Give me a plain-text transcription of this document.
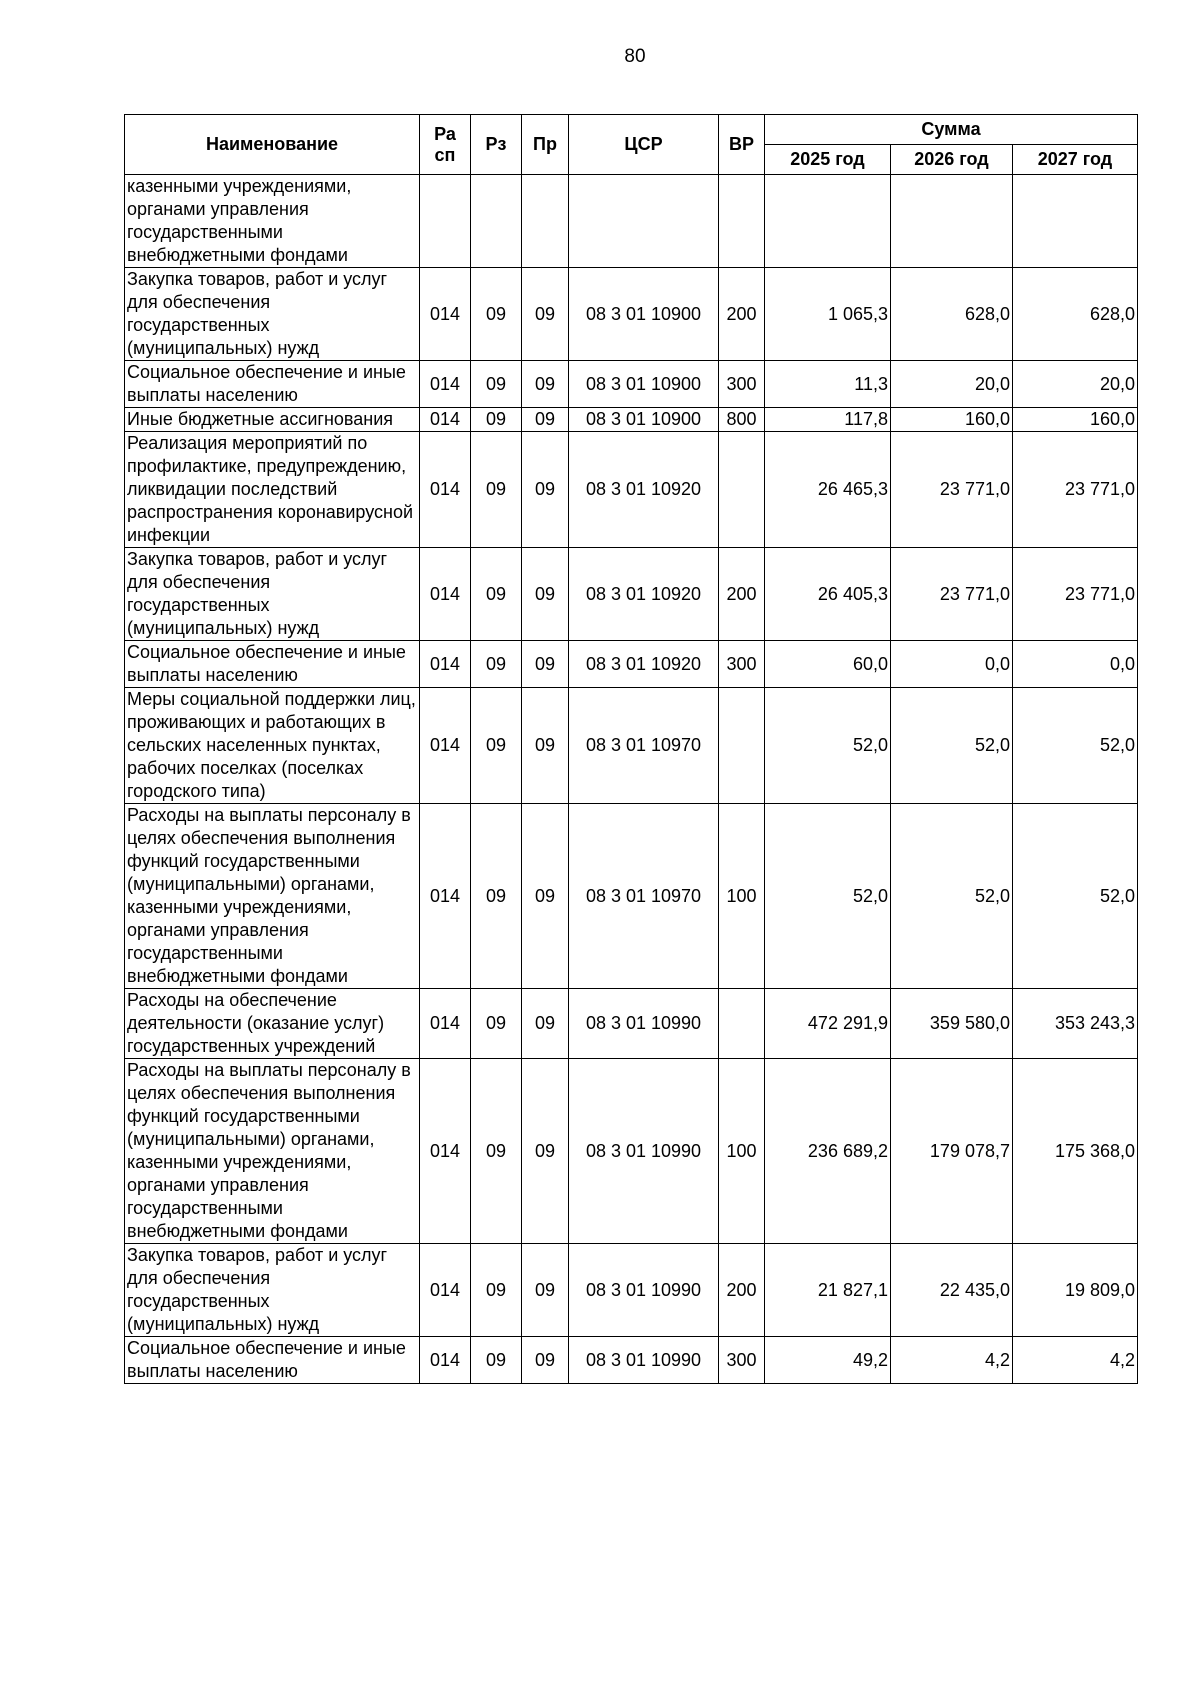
80
Наименование	Ра сп	Рз	Пр	ЦСР	ВР	Сумма		
						2025 год	2026 год	2027 год
казенными учреждениями, органами управления государственными внебюджетными фондами								
Закупка товаров, работ и услуг для обеспечения государственных (муниципальных) нужд	014	09	09	08 3 01 10900	200	1 065,3	628,0	628,0
Социальное обеспечение и иные выплаты населению	014	09	09	08 3 01 10900	300	11,3	20,0	20,0
Иные бюджетные ассигнования	014	09	09	08 3 01 10900	800	117,8	160,0	160,0
Реализация мероприятий по профилактике, предупреждению, ликвидации последствий распространения коронавирусной инфекции	014	09	09	08 3 01 10920		26 465,3	23 771,0	23 771,0
Закупка товаров, работ и услуг для обеспечения государственных (муниципальных) нужд	014	09	09	08 3 01 10920	200	26 405,3	23 771,0	23 771,0
Социальное обеспечение и иные выплаты населению	014	09	09	08 3 01 10920	300	60,0	0,0	0,0
Меры социальной поддержки лиц, проживающих и работающих в сельских населенных пунктах, рабочих поселках (поселках городского типа)	014	09	09	08 3 01 10970		52,0	52,0	52,0
Расходы на выплаты персоналу в целях обеспечения выполнения функций государственными (муниципальными) органами, казенными учреждениями, органами управления государственными внебюджетными фондами	014	09	09	08 3 01 10970	100	52,0	52,0	52,0
Расходы на обеспечение деятельности (оказание услуг) государственных учреждений	014	09	09	08 3 01 10990		472 291,9	359 580,0	353 243,3
Расходы на выплаты персоналу в целях обеспечения выполнения функций государственными (муниципальными) органами, казенными учреждениями, органами управления государственными внебюджетными фондами	014	09	09	08 3 01 10990	100	236 689,2	179 078,7	175 368,0
Закупка товаров, работ и услуг для обеспечения государственных (муниципальных) нужд	014	09	09	08 3 01 10990	200	21 827,1	22 435,0	19 809,0
Социальное обеспечение и иные выплаты населению	014	09	09	08 3 01 10990	300	49,2	4,2	4,2
